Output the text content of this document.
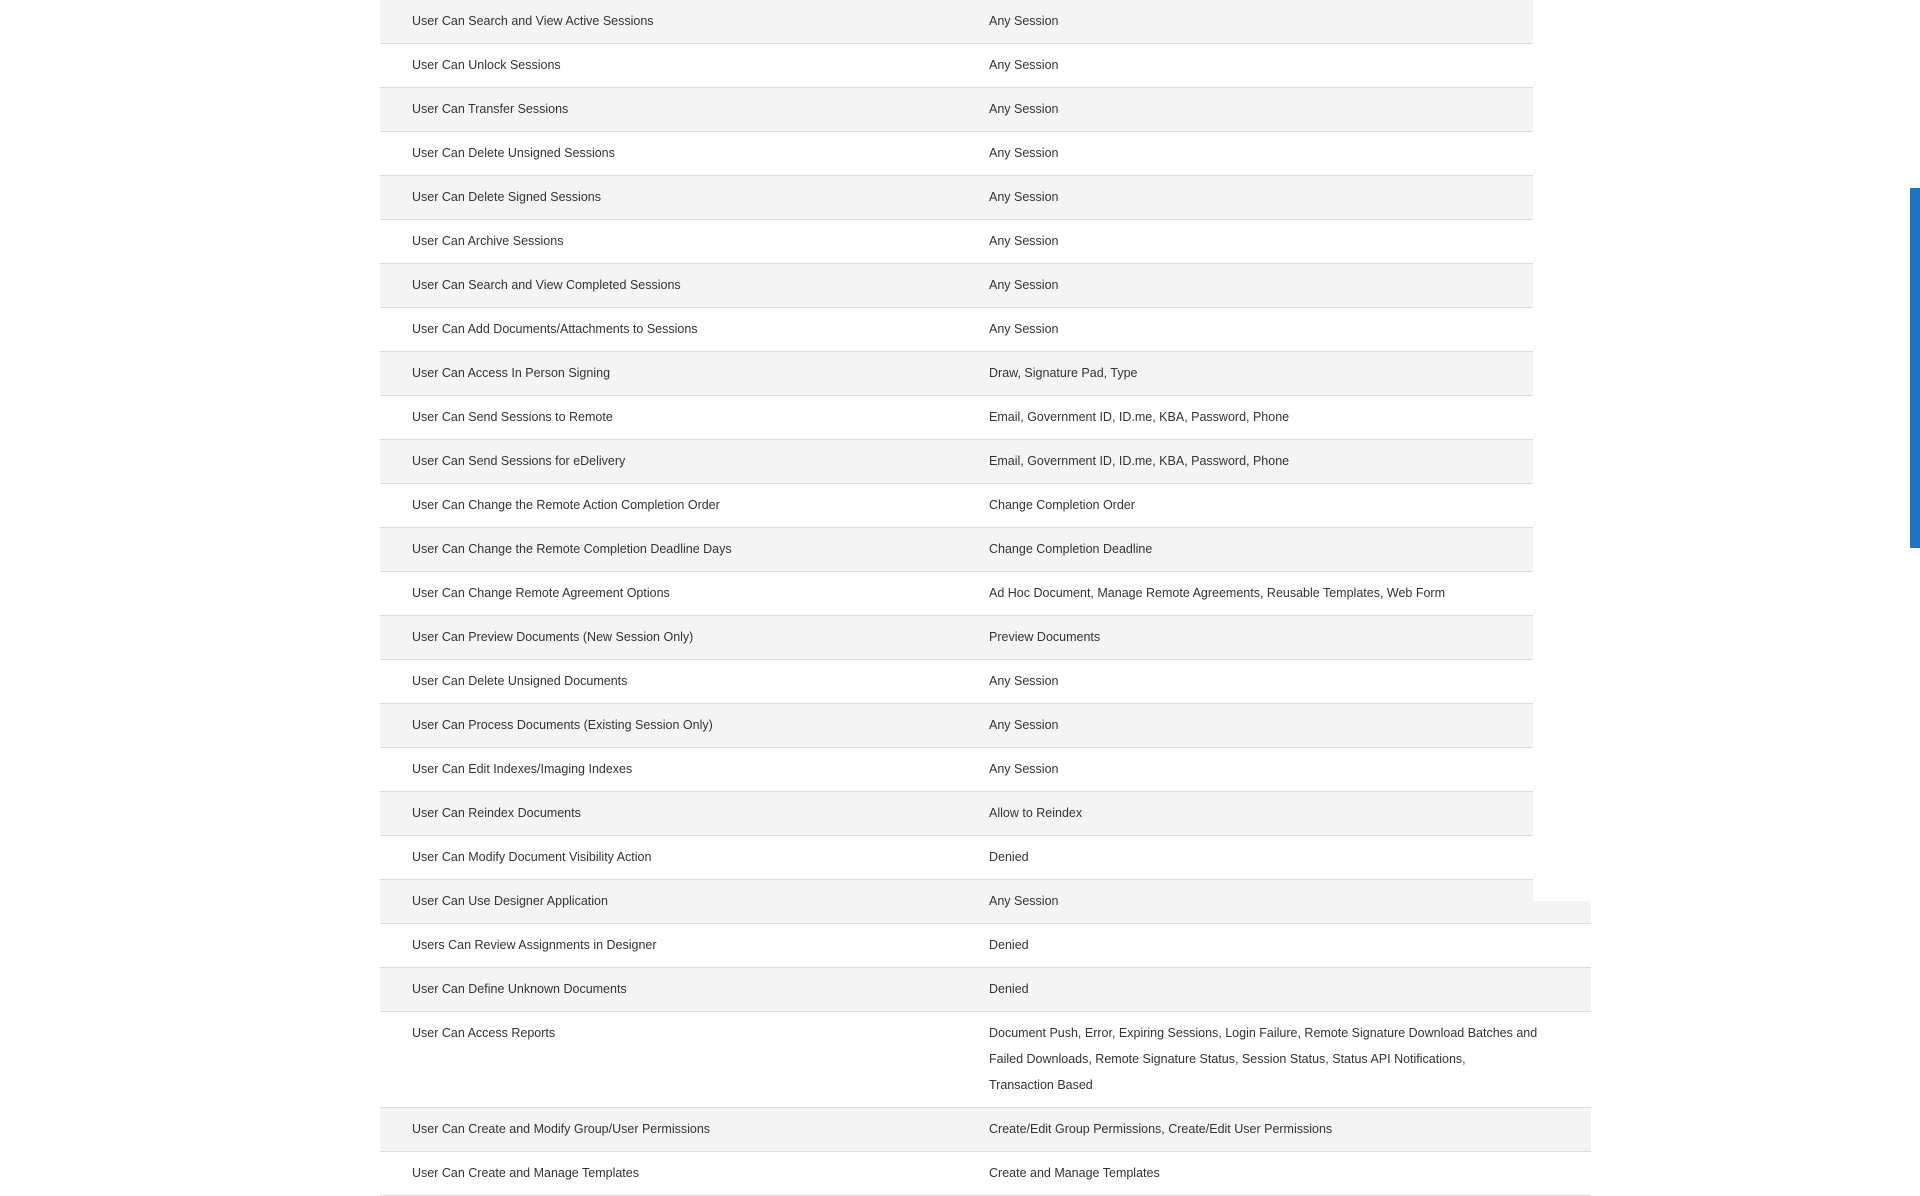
User Can Search and View Active Sessions	Any Session

User Can Unlock Sessions	Any Session

User Can Transfer Sessions	Any Session

User Can Delete Unsigned Sessions	Any Session

User Can Delete Signed Sessions	Any Session

User Can Archive Sessions	Any Session

User Can Search and View Completed Sessions	Any Session

User Can Add Documents/Attachments to Sessions	Any Session

User Can Access In Person Signing	Draw, Signature Pad, Type

User Can Send Sessions to Remote	Email, Government ID, ID.me, KBA, Password, Phone

User Can Send Sessions for eDelivery	Email, Government ID, ID.me, KBA, Password, Phone

User Can Change the Remote Action Completion Order	Change Completion Order

User Can Change the Remote Completion Deadline Days	Change Completion Deadline

User Can Change Remote Agreement Options	Ad Hoc Document, Manage Remote Agreements, Reusable Templates, Web Form

User Can Preview Documents (New Session Only)	Preview Documents

User Can Delete Unsigned Documents	Any Session

User Can Process Documents (Existing Session Only)	Any Session

User Can Edit Indexes/Imaging Indexes	Any Session

User Can Reindex Documents	Allow to Reindex

User Can Modify Document Visibility Action	Denied

User Can Use Designer Application	Any Session

Users Can Review Assignments in Designer	Denied

User Can Define Unknown Documents	Denied

User Can Access Reports	Document Push, Error, Expiring Sessions, Login Failure, Remote Signature Download Batches and
Failed Downloads, Remote Signature Status, Session Status, Status API Notifications,
Transaction Based

User Can Create and Modify Group/User Permissions	Create/Edit Group Permissions, Create/Edit User Permissions

User Can Create and Manage Templates	Create and Manage Templates
